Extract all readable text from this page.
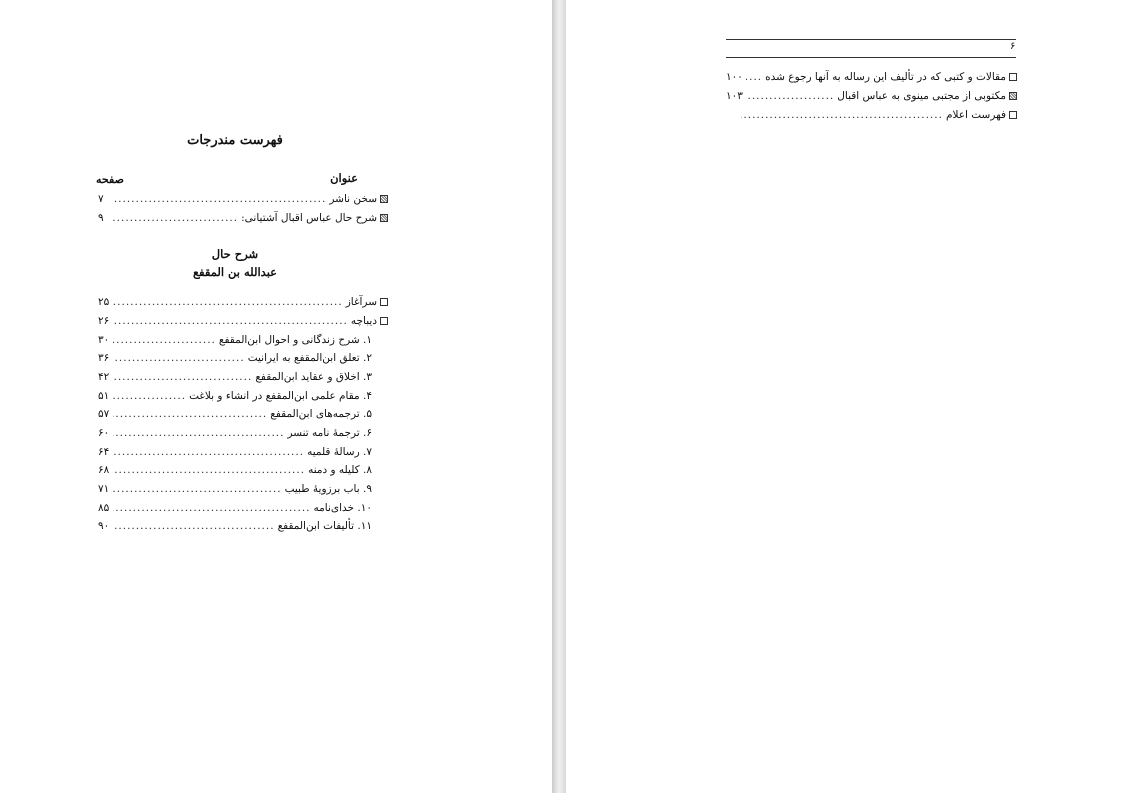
فهرست مندرجات
عنوان
صفحه
سخن ناشر
.....
۷
شرح حال عباس اقبال آشتیانی:
.....
۹
شرح حال
عبدالله بن المقفع
سرآغاز
.....
۲۵
دیباچه
.....
۲۶
۱. شرح زندگانی و احوال ابن‌المقفع
.....
۳۰
۲. تعلق ابن‌المقفع به ایرانیت
.....
۳۶
۳. اخلاق و عقاید ابن‌المقفع
.....
۴۲
۴. مقام علمی ابن‌المقفع در انشاء و بلاغت
.....
۵۱
۵. ترجمه‌های ابن‌المقفع
.....
۵۷
۶. ترجمهٔ نامه تنسر
.....
۶۰
۷. رسالهٔ قلمیه
.....
۶۴
۸. کلیله و دمنه
.....
۶۸
۹. باب برزویهٔ طبیب
.....
۷۱
۱۰. خدای‌نامه
.....
۸۵
۱۱. تألیفات ابن‌المقفع
.....
۹۰
۶
مقالات و کتبی که در تألیف این رساله به آنها رجوع شده
.....
۱۰۰
مکتوبی از مجتبی مینوی به عباس اقبال
.....
۱۰۳
فهرست اعلام
.....
